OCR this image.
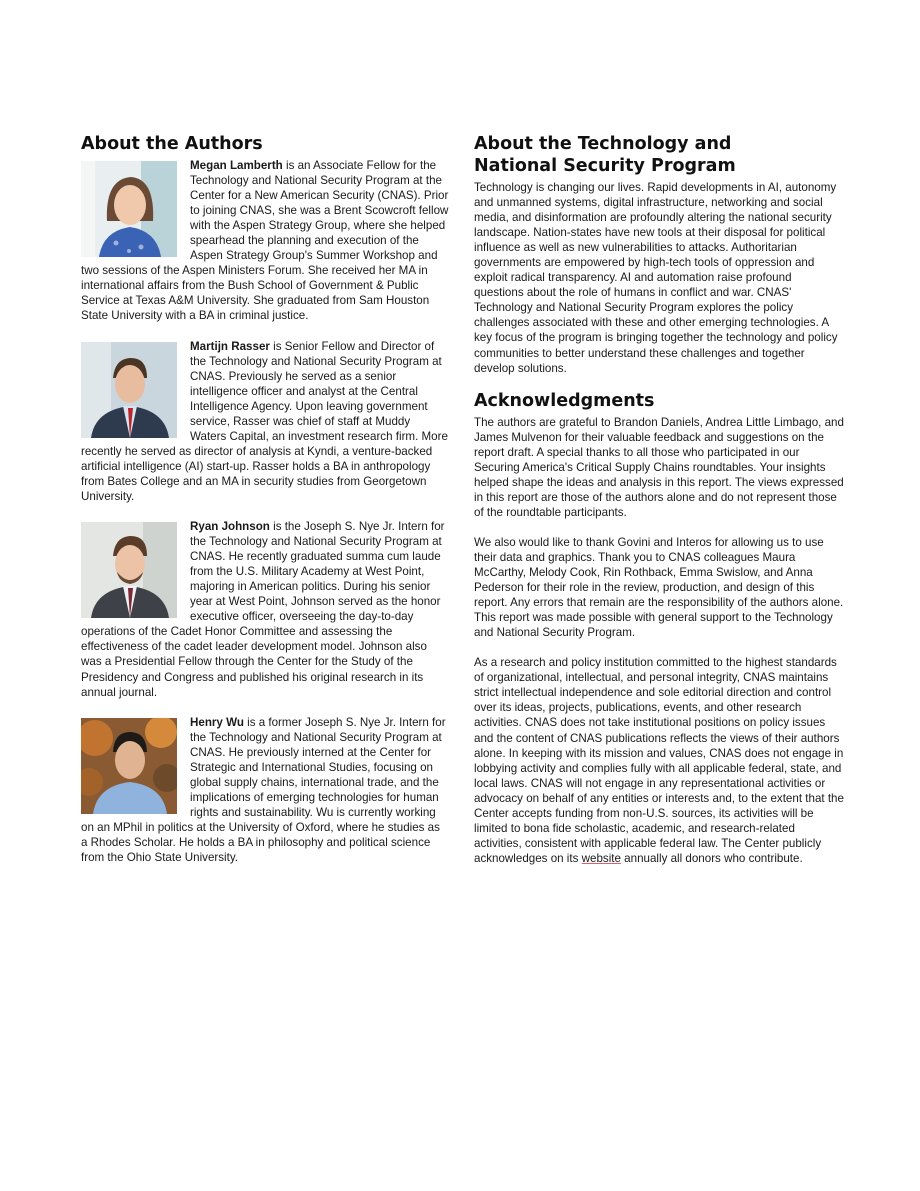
About the Authors

Megan Lamberth is an Associate Fellow for the Technology and National Security Program at the Center for a New American Security (CNAS). Prior to joining CNAS, she was a Brent Scowcroft fellow with the Aspen Strategy Group, where she helped spearhead the planning and execution of the Aspen Strategy Group's Summer Workshop and two sessions of the Aspen Ministers Forum. She received her MA in international affairs from the Bush School of Government & Public Service at Texas A&M University. She graduated from Sam Houston State University with a BA in criminal justice.

Martijn Rasser is Senior Fellow and Director of the Technology and National Security Program at CNAS. Previously he served as a senior intelligence officer and analyst at the Central Intelligence Agency. Upon leaving government service, Rasser was chief of staff at Muddy Waters Capital, an investment research firm. More recently he served as director of analysis at Kyndi, a venture-backed artificial intelligence (AI) start-up. Rasser holds a BA in anthropology from Bates College and an MA in security studies from Georgetown University.

Ryan Johnson is the Joseph S. Nye Jr. Intern for the Technology and National Security Program at CNAS. He recently graduated summa cum laude from the U.S. Military Academy at West Point, majoring in American politics. During his senior year at West Point, Johnson served as the honor executive officer, overseeing the day-to-day operations of the Cadet Honor Committee and assessing the effectiveness of the cadet leader development model. Johnson also was a Presidential Fellow through the Center for the Study of the Presidency and Congress and published his original research in its annual journal.

Henry Wu is a former Joseph S. Nye Jr. Intern for the Technology and National Security Program at CNAS. He previously interned at the Center for Strategic and International Studies, focusing on global supply chains, international trade, and the implications of emerging technologies for human rights and sustainability. Wu is currently working on an MPhil in politics at the University of Oxford, where he studies as a Rhodes Scholar. He holds a BA in philosophy and political science from the Ohio State University.

About the Technology and
National Security Program

Technology is changing our lives. Rapid developments in AI, autonomy and unmanned systems, digital infrastructure, networking and social media, and disinformation are profoundly altering the national security landscape. Nation-states have new tools at their disposal for political influence as well as new vulnerabilities to attacks. Authoritarian governments are empowered by high-tech tools of oppression and exploit radical transparency. AI and automation raise profound questions about the role of humans in conflict and war. CNAS' Technology and National Security Program explores the policy challenges associated with these and other emerging technologies. A key focus of the program is bringing together the technology and policy communities to better understand these challenges and together develop solutions.

Acknowledgments

The authors are grateful to Brandon Daniels, Andrea Little Limbago, and James Mulvenon for their valuable feedback and suggestions on the report draft. A special thanks to all those who participated in our Securing America's Critical Supply Chains roundtables. Your insights helped shape the ideas and analysis in this report. The views expressed in this report are those of the authors alone and do not represent those of the roundtable participants.

We also would like to thank Govini and Interos for allowing us to use their data and graphics. Thank you to CNAS colleagues Maura McCarthy, Melody Cook, Rin Rothback, Emma Swislow, and Anna Pederson for their role in the review, production, and design of this report. Any errors that remain are the responsibility of the authors alone. This report was made possible with general support to the Technology and National Security Program.

As a research and policy institution committed to the highest standards of organizational, intellectual, and personal integrity, CNAS maintains strict intellectual independence and sole editorial direction and control over its ideas, projects, publications, events, and other research activities. CNAS does not take institutional positions on policy issues and the content of CNAS publications reflects the views of their authors alone. In keeping with its mission and values, CNAS does not engage in lobbying activity and complies fully with all applicable federal, state, and local laws. CNAS will not engage in any representational activities or advocacy on behalf of any entities or interests and, to the extent that the Center accepts funding from non-U.S. sources, its activities will be limited to bona fide scholastic, academic, and research-related activities, consistent with applicable federal law. The Center publicly acknowledges on its website annually all donors who contribute.
